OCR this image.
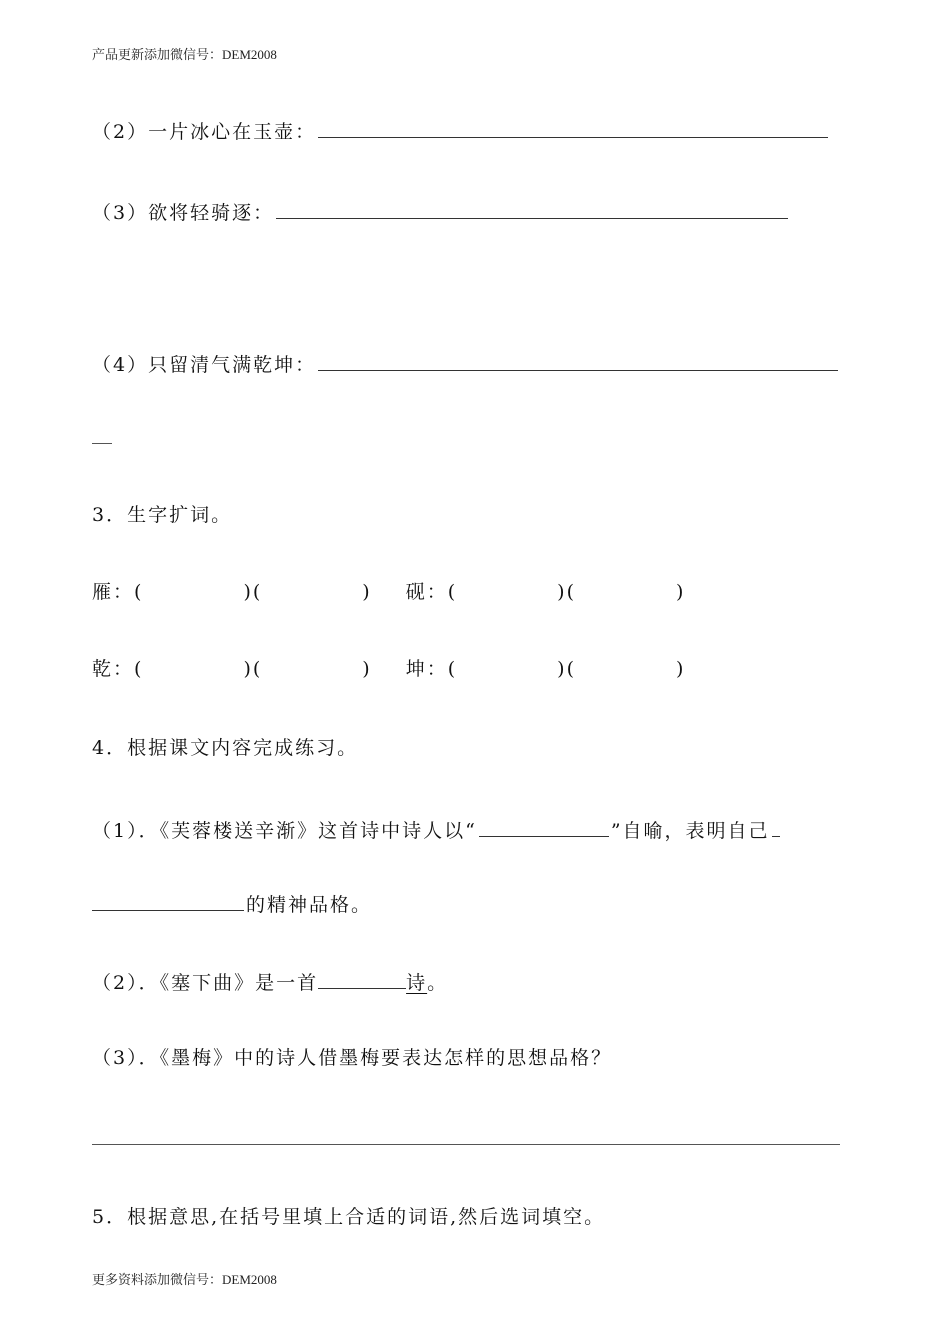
产品更新添加微信号：DEM2008
（2）一片冰心在玉壶：
（3）欲将轻骑逐：
（4）只留清气满乾坤：
3．生字扩词。
雁：(	)(	) 砚：(	)(	)
乾：(	)(	) 坤：(	)(	)
4．根据课文内容完成练习。
（1）．《芙蓉楼送辛渐》这首诗中诗人以“	”自喻，表明自己
的精神品格。
（2）．《塞下曲》是一首	诗。
（3）．《墨梅》中的诗人借墨梅要表达怎样的思想品格？
5．根据意思,在括号里填上合适的词语,然后选词填空。
更多资料添加微信号：DEM2008
